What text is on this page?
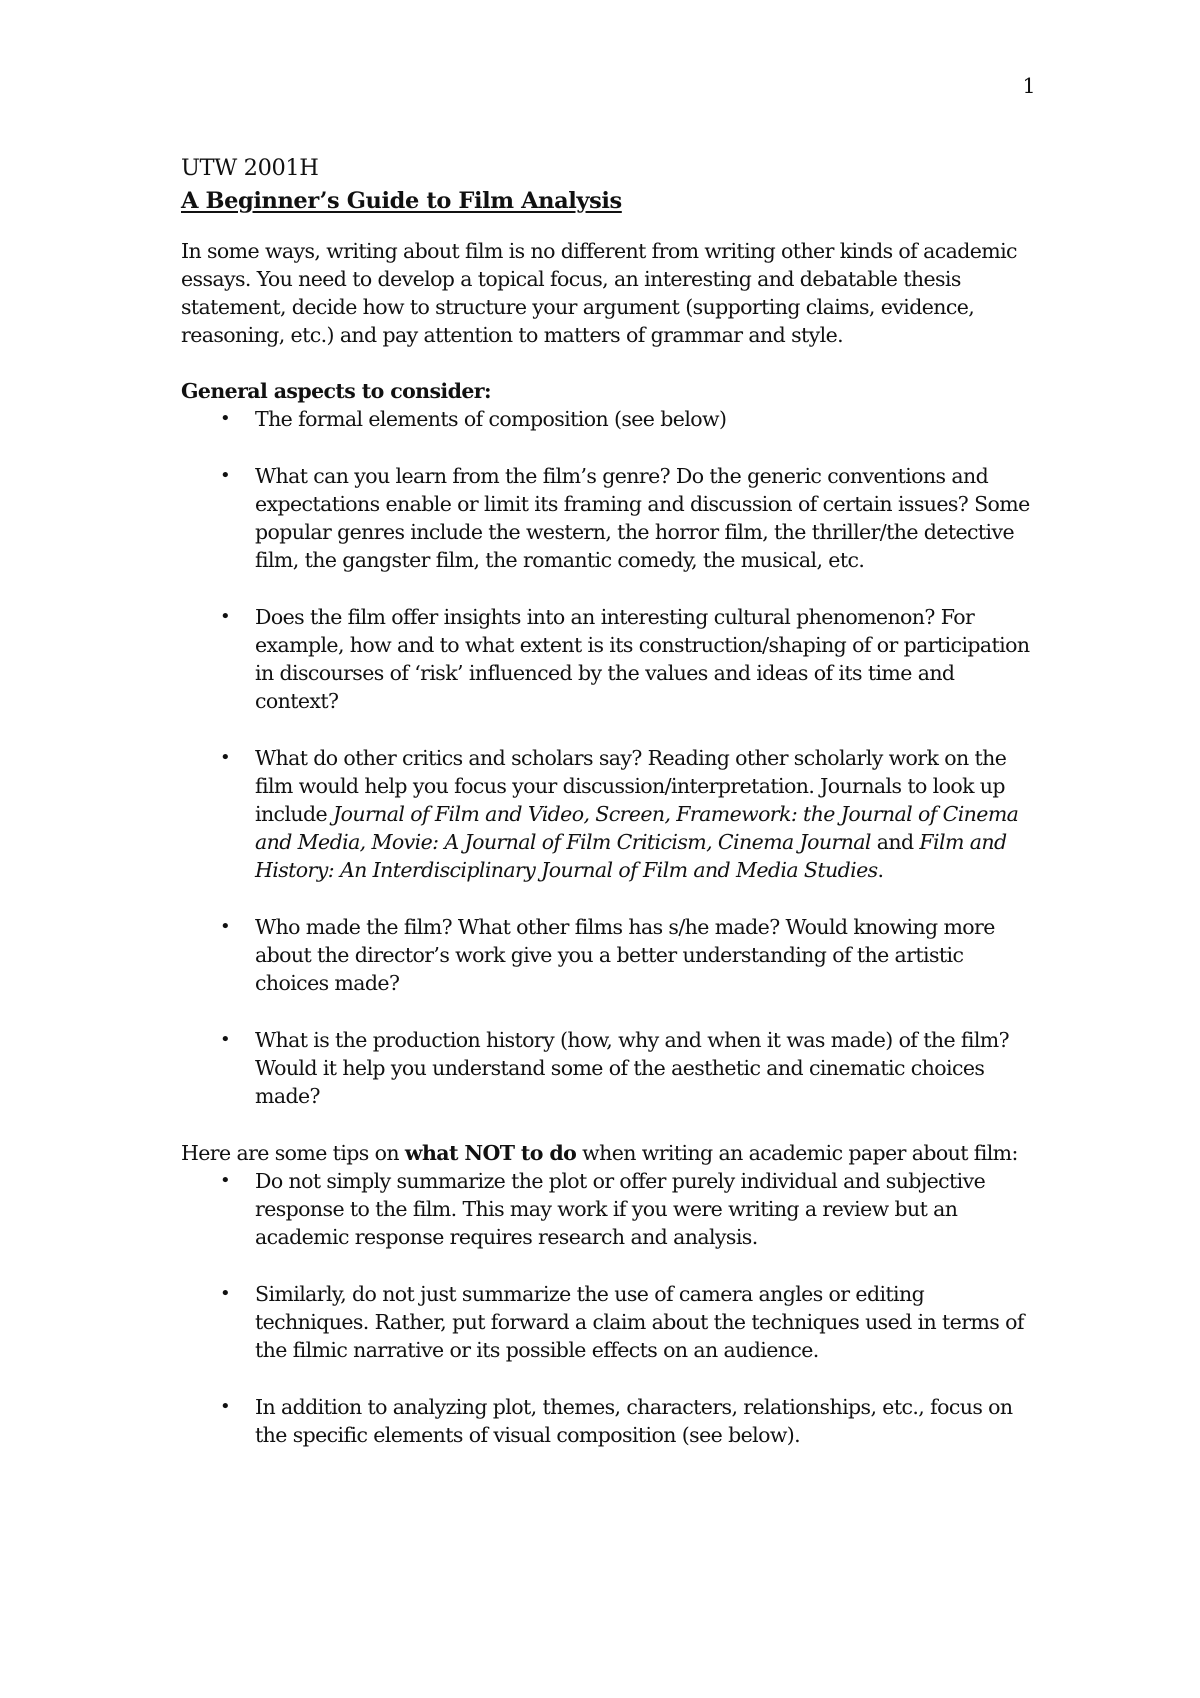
1
UTW 2001H
A Beginner’s Guide to Film Analysis

In some ways, writing about film is no different from writing other kinds of academic essays. You need to develop a topical focus, an interesting and debatable thesis statement, decide how to structure your argument (supporting claims, evidence, reasoning, etc.) and pay attention to matters of grammar and style.

General aspects to consider:

• The formal elements of composition (see below)
• What can you learn from the film’s genre? Do the generic conventions and expectations enable or limit its framing and discussion of certain issues? Some popular genres include the western, the horror film, the thriller/the detective film, the gangster film, the romantic comedy, the musical, etc.
• Does the film offer insights into an interesting cultural phenomenon? For example, how and to what extent is its construction/shaping of or participation in discourses of ‘risk’ influenced by the values and ideas of its time and context?
• What do other critics and scholars say? Reading other scholarly work on the film would help you focus your discussion/interpretation. Journals to look up include Journal of Film and Video, Screen, Framework: the Journal of Cinema and Media, Movie: A Journal of Film Criticism, Cinema Journal and Film and History: An Interdisciplinary Journal of Film and Media Studies.
• Who made the film? What other films has s/he made? Would knowing more about the director’s work give you a better understanding of the artistic choices made?
• What is the production history (how, why and when it was made) of the film? Would it help you understand some of the aesthetic and cinematic choices made?

Here are some tips on what NOT to do when writing an academic paper about film:

• Do not simply summarize the plot or offer purely individual and subjective response to the film. This may work if you were writing a review but an academic response requires research and analysis.
• Similarly, do not just summarize the use of camera angles or editing techniques. Rather, put forward a claim about the techniques used in terms of the filmic narrative or its possible effects on an audience.
• In addition to analyzing plot, themes, characters, relationships, etc., focus on the specific elements of visual composition (see below).
